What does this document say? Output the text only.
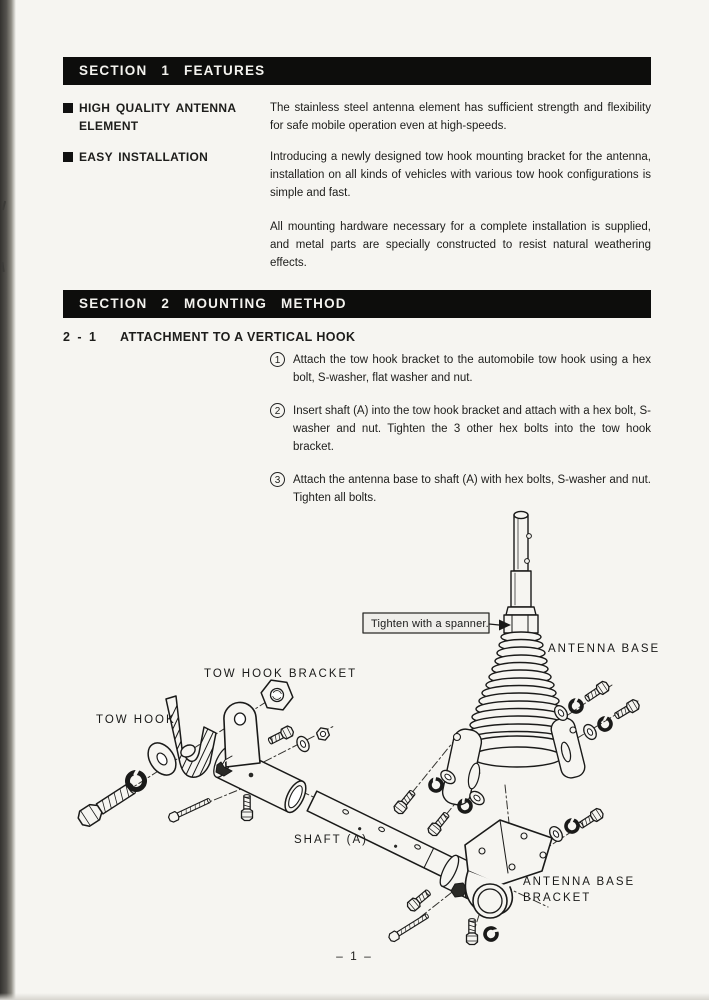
SECTION 1 FEATURES
HIGH QUALITY ANTENNA ELEMENT

The stainless steel antenna element has sufficient strength and flexibility for safe mobile operation even at high-speeds.

EASY INSTALLATION	Introducing a newly designed tow hook mounting bracket for the antenna, installation on all kinds of vehicles with various tow hook configurations is simple and fast.

All mounting hardware necessary for a complete installation is supplied, and metal parts are specially constructed to resist natural weathering effects.

SECTION 2 MOUNTING METHOD
2 - 1 ATTACHMENT TO A VERTICAL HOOK
1	Attach the tow hook bracket to the automobile tow hook using a hex bolt, S-washer, flat washer and nut.
2	Insert shaft (A) into the tow hook bracket and attach with a hex bolt, S-washer and nut. Tighten the 3 other hex bolts into the tow hook bracket.
3	Attach the antenna base to shaft (A) with hex bolts, S-washer and nut. Tighten all bolts.
Tighten with a spanner.
ANTENNA BASE
TOW HOOK BRACKET
TOW HOOK
SHAFT (A)
ANTENNA BASE
BRACKET
– 1 –
